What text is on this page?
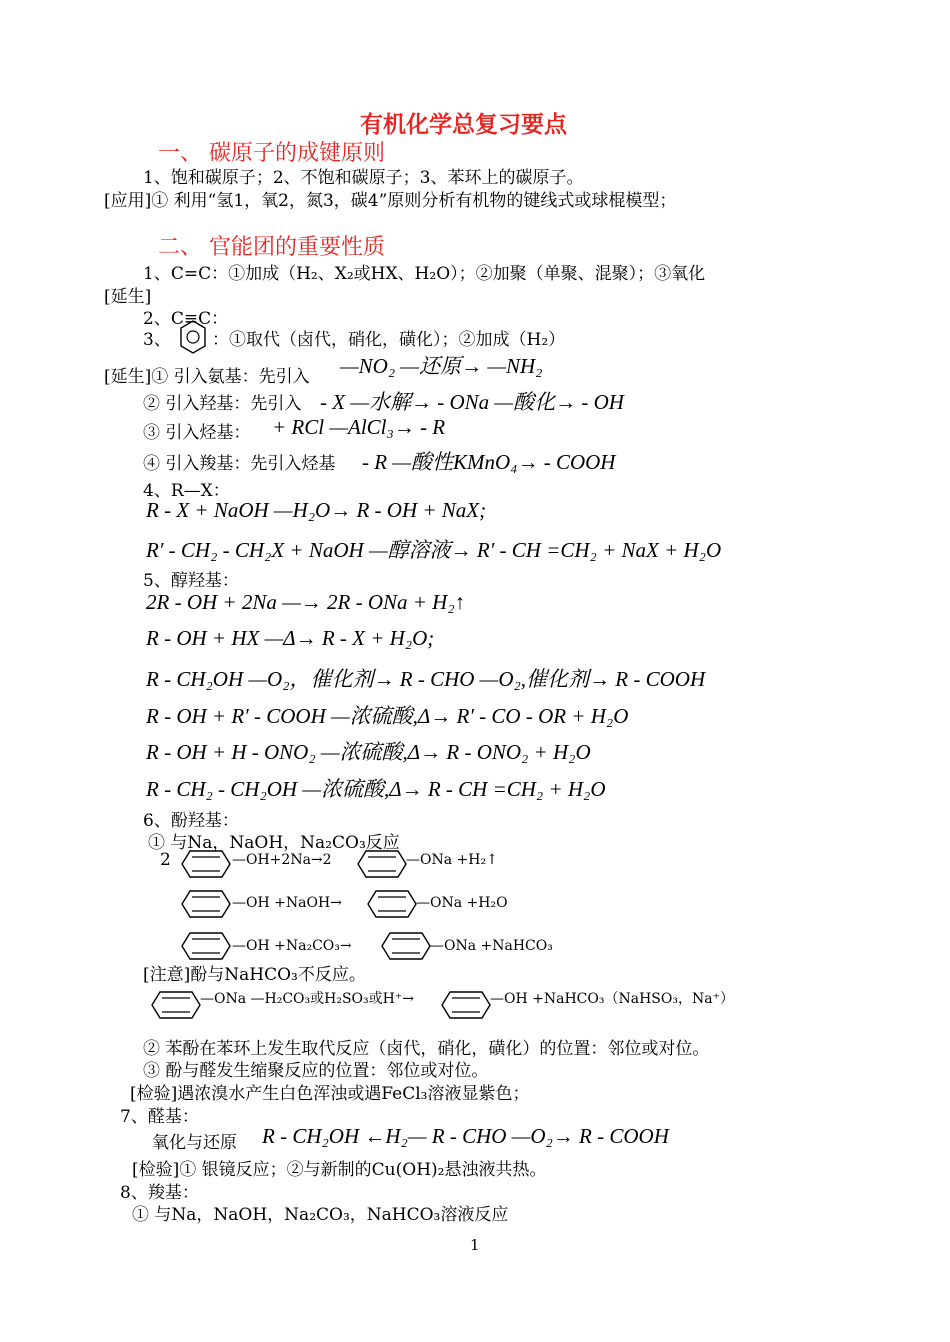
有机化学总复习要点
一、 碳原子的成键原则
1、饱和碳原子；2、不饱和碳原子；3、苯环上的碳原子。
[应用]① 利用“氢1，氧2，氮3，碳4”原则分析有机物的键线式或球棍模型；
二、 官能团的重要性质
1、C=C：①加成（H₂、X₂或HX、H₂O）；②加聚（单聚、混聚）；③氧化
[延生]
2、C≡C：
3、 ：①取代（卤代，硝化，磺化）；②加成（H₂）
[延生]① 引入氨基：先引入 —NO₂ —还原→ —NH₂
② 引入羟基：先引入 - X —水解→ - ONa —酸化→ - OH
③ 引入烃基： + RCl —AlCl₃→ - R
④ 引入羧基：先引入烃基 - R —酸性KMnO₄→ - COOH
4、R—X：
R - X + NaOH —H₂O→ R - OH + NaX;
R′ - CH₂ - CH₂X + NaOH —醇溶液→ R′ - CH =CH₂ + NaX + H₂O
5、醇羟基：
2R - OH + 2Na —→ 2R - ONa + H₂↑
R - OH + HX —Δ→ R - X + H₂O;
R - CH₂OH —O₂，催化剂→ R - CHO —O₂,催化剂→ R - COOH
R - OH + R′ - COOH —浓硫酸,Δ→ R′ - CO - OR + H₂O
R - OH + H - ONO₂ —浓硫酸,Δ→ R - ONO₂ + H₂O
R - CH₂ - CH₂OH —浓硫酸,Δ→ R - CH =CH₂ + H₂O
6、酚羟基：
① 与Na，NaOH，Na₂CO₃反应
2	—OH+2Na→2	—ONa +H₂↑
—OH +NaOH→	—ONa +H₂O
—OH +Na₂CO₃→	—ONa +NaHCO₃
[注意]酚与NaHCO₃不反应。
—ONa —H₂CO₃或H₂SO₃或H⁺→	—OH +NaHCO₃（NaHSO₃，Na⁺）
② 苯酚在苯环上发生取代反应（卤代，硝化，磺化）的位置：邻位或对位。
③ 酚与醛发生缩聚反应的位置：邻位或对位。
[检验]遇浓溴水产生白色浑浊或遇FeCl₃溶液显紫色；
7、醛基：
氧化与还原 R - CH₂OH ←H₂— R - CHO —O₂→ R - COOH
[检验]① 银镜反应；②与新制的Cu(OH)₂悬浊液共热。
8、羧基：
① 与Na，NaOH，Na₂CO₃，NaHCO₃溶液反应
1
